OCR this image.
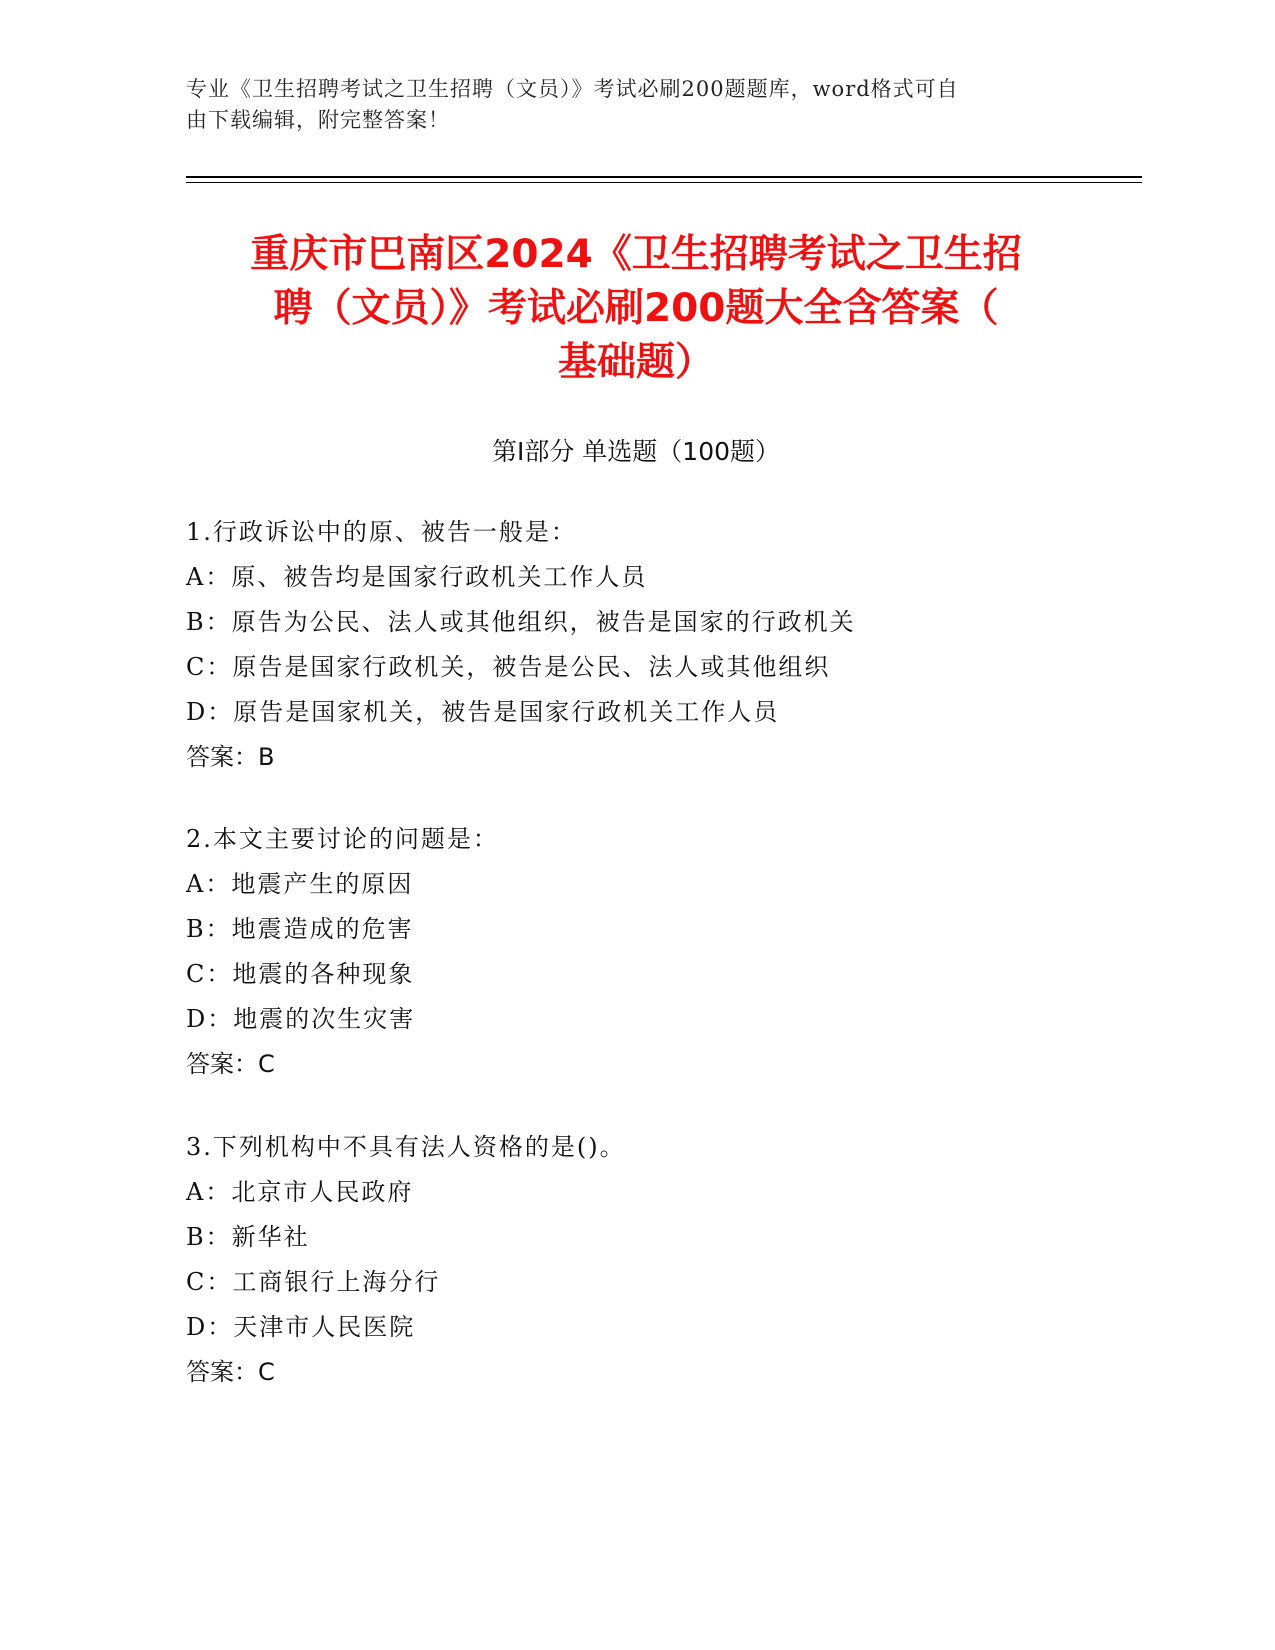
专业《卫生招聘考试之卫生招聘（文员）》考试必刷200题题库，word格式可自
由下载编辑，附完整答案！
重庆市巴南区2024《卫生招聘考试之卫生招
聘（文员）》考试必刷200题大全含答案（
基础题）
第Ⅰ部分 单选题（100题）
1.行政诉讼中的原、被告一般是：
A：原、被告均是国家行政机关工作人员
B：原告为公民、法人或其他组织，被告是国家的行政机关
C：原告是国家行政机关，被告是公民、法人或其他组织
D：原告是国家机关，被告是国家行政机关工作人员
答案：B
2.本文主要讨论的问题是：
A：地震产生的原因
B：地震造成的危害
C：地震的各种现象
D：地震的次生灾害
答案：C
3.下列机构中不具有法人资格的是()。
A：北京市人民政府
B：新华社
C：工商银行上海分行
D：天津市人民医院
答案：C
